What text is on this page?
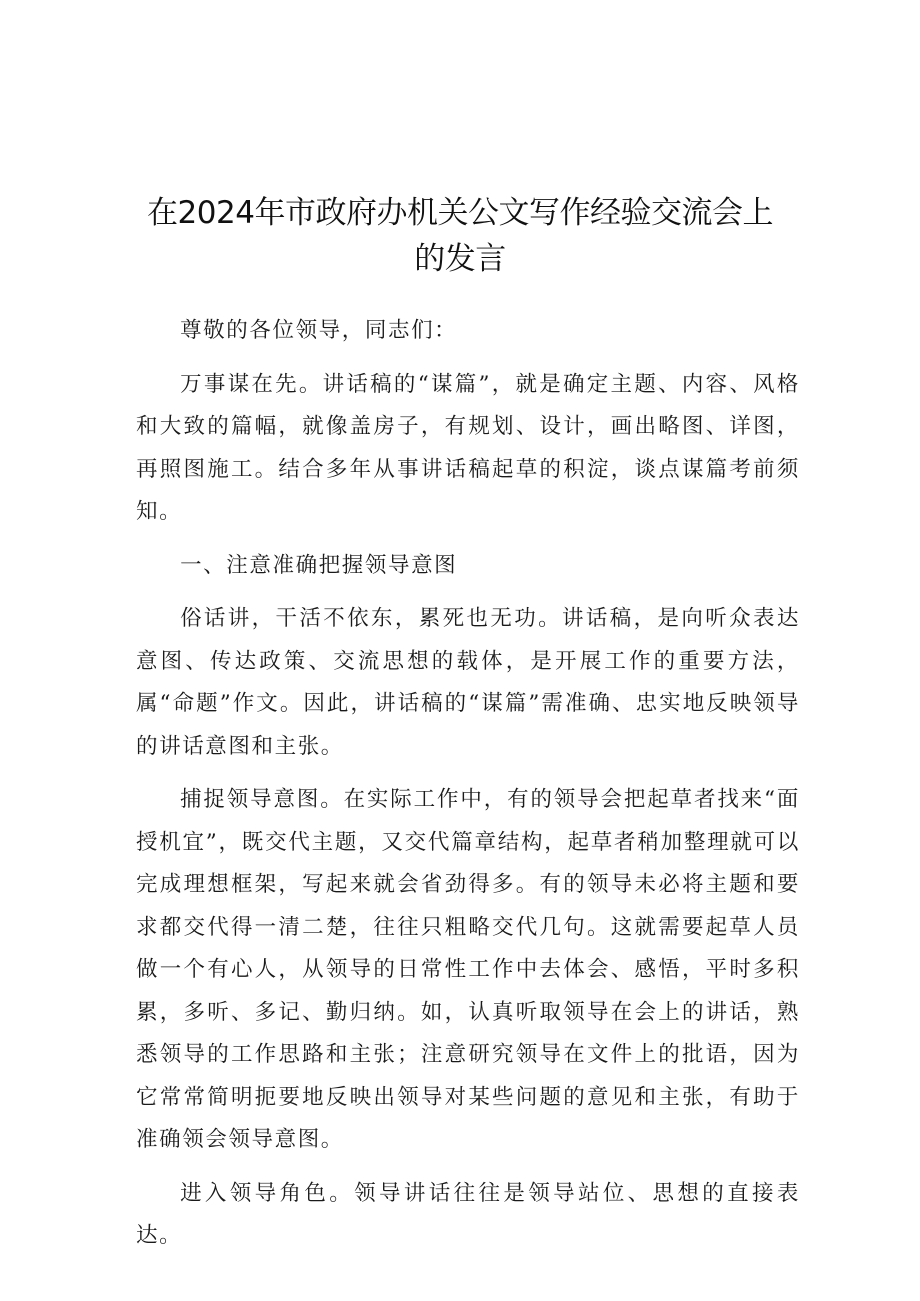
在2024年市政府办机关公文写作经验交流会上
的发言

尊敬的各位领导，同志们：

万事谋在先。讲话稿的“谋篇”，就是确定主题、内容、风格和大致的篇幅，就像盖房子，有规划、设计，画出略图、详图，再照图施工。结合多年从事讲话稿起草的积淀，谈点谋篇考前须知。

一、注意准确把握领导意图

俗话讲，干活不依东，累死也无功。讲话稿，是向听众表达意图、传达政策、交流思想的载体，是开展工作的重要方法，属“命题”作文。因此，讲话稿的“谋篇”需准确、忠实地反映领导的讲话意图和主张。

捕捉领导意图。在实际工作中，有的领导会把起草者找来“面授机宜”，既交代主题，又交代篇章结构，起草者稍加整理就可以完成理想框架，写起来就会省劲得多。有的领导未必将主题和要求都交代得一清二楚，往往只粗略交代几句。这就需要起草人员做一个有心人，从领导的日常性工作中去体会、感悟，平时多积累，多听、多记、勤归纳。如，认真听取领导在会上的讲话，熟悉领导的工作思路和主张；注意研究领导在文件上的批语，因为它常常简明扼要地反映出领导对某些问题的意见和主张，有助于准确领会领导意图。

进入领导角色。领导讲话往往是领导站位、思想的直接表达。
